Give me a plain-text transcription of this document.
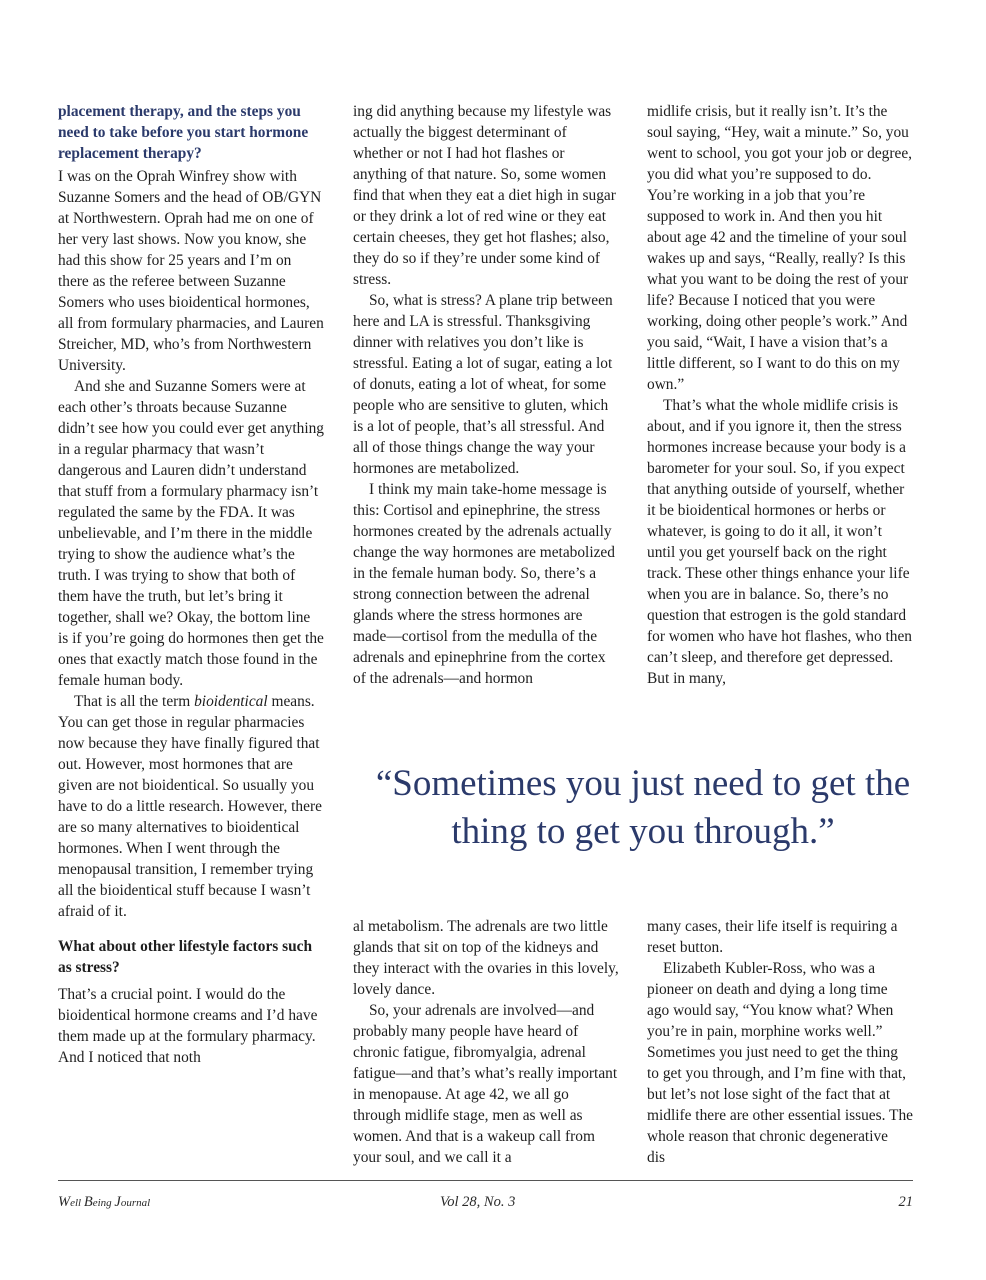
placement therapy, and the steps you need to take before you start hormone replacement therapy?

I was on the Oprah Winfrey show with Suzanne Somers and the head of OB/GYN at Northwestern. Oprah had me on one of her very last shows. Now you know, she had this show for 25 years and I’m on there as the referee between Suzanne Somers who uses bioidentical hormones, all from formulary pharmacies, and Lauren Streicher, MD, who’s from Northwestern University.

And she and Suzanne Somers were at each other’s throats because Suzanne didn’t see how you could ever get anything in a regular pharmacy that wasn’t dangerous and Lauren didn’t understand that stuff from a formulary pharmacy isn’t regulated the same by the FDA. It was unbelievable, and I’m there in the middle trying to show the audience what’s the truth. I was trying to show that both of them have the truth, but let’s bring it together, shall we? Okay, the bottom line is if you’re going do hormones then get the ones that exactly match those found in the female human body.

That is all the term bioidentical means. You can get those in regular pharmacies now because they have finally figured that out. However, most hormones that are given are not bioidentical. So usually you have to do a little research. However, there are so many alternatives to bioidentical hormones. When I went through the menopausal transition, I remember trying all the bioidentical stuff because I wasn’t afraid of it.

What about other lifestyle factors such as stress?

That’s a crucial point. I would do the bioidentical hormone creams and I’d have them made up at the formulary pharmacy. And I noticed that noth

ing did anything because my lifestyle was actually the biggest determinant of whether or not I had hot flashes or anything of that nature. So, some women find that when they eat a diet high in sugar or they drink a lot of red wine or they eat certain cheeses, they get hot flashes; also, they do so if they’re under some kind of stress.

So, what is stress? A plane trip between here and LA is stressful. Thanksgiving dinner with relatives you don’t like is stressful. Eating a lot of sugar, eating a lot of donuts, eating a lot of wheat, for some people who are sensitive to gluten, which is a lot of people, that’s all stressful. And all of those things change the way your hormones are metabolized.

I think my main take-home message is this: Cortisol and epinephrine, the stress hormones created by the adrenals actually change the way hormones are metabolized in the female human body. So, there’s a strong connection between the adrenal glands where the stress hormones are made—cortisol from the medulla of the adrenals and epinephrine from the cortex of the adrenals—and hormon

midlife crisis, but it really isn’t. It’s the soul saying, “Hey, wait a minute.” So, you went to school, you got your job or degree, you did what you’re supposed to do. You’re working in a job that you’re supposed to work in. And then you hit about age 42 and the timeline of your soul wakes up and says, “Really, really? Is this what you want to be doing the rest of your life? Because I noticed that you were working, doing other people’s work.” And you said, “Wait, I have a vision that’s a little different, so I want to do this on my own.”

That’s what the whole midlife crisis is about, and if you ignore it, then the stress hormones increase because your body is a barometer for your soul. So, if you expect that anything outside of yourself, whether it be bioidentical hormones or herbs or whatever, is going to do it all, it won’t until you get yourself back on the right track. These other things enhance your life when you are in balance. So, there’s no question that estrogen is the gold standard for women who have hot flashes, who then can’t sleep, and therefore get depressed. But in many,

“Sometimes you just need to get the thing to get you through.”

al metabolism. The adrenals are two little glands that sit on top of the kidneys and they interact with the ovaries in this lovely, lovely dance.

So, your adrenals are involved—and probably many people have heard of chronic fatigue, fibromyalgia, adrenal fatigue—and that’s what’s really important in menopause. At age 42, we all go through midlife stage, men as well as women. And that is a wakeup call from your soul, and we call it a

many cases, their life itself is requiring a reset button.

Elizabeth Kubler-Ross, who was a pioneer on death and dying a long time ago would say, “You know what? When you’re in pain, morphine works well.” Sometimes you just need to get the thing to get you through, and I’m fine with that, but let’s not lose sight of the fact that at midlife there are other essential issues. The whole reason that chronic degenerative dis

Well Being Journal	Vol 28, No. 3	21
